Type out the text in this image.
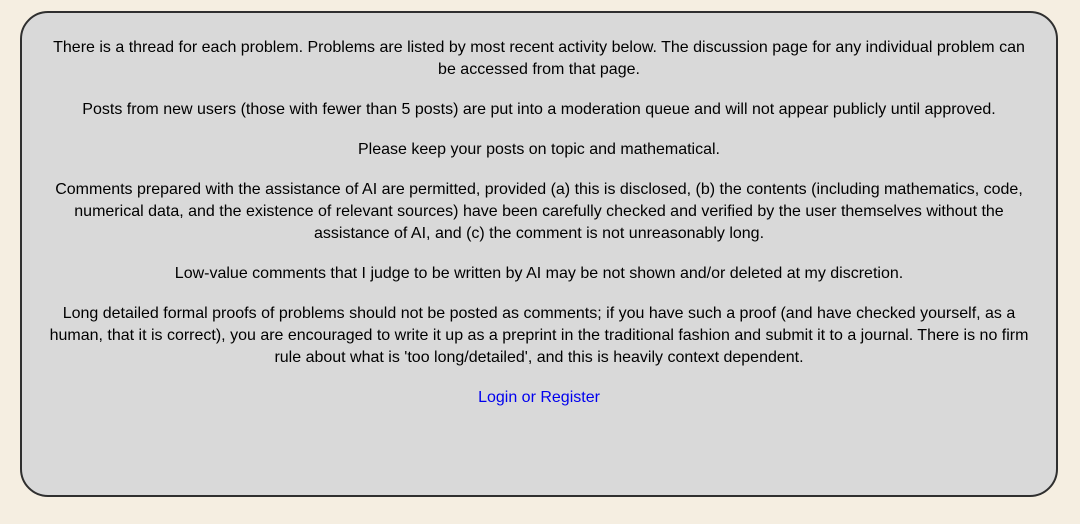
There is a thread for each problem. Problems are listed by most recent activity below. The discussion page for any individual problem can be accessed from that page.

Posts from new users (those with fewer than 5 posts) are put into a moderation queue and will not appear publicly until approved.

Please keep your posts on topic and mathematical.

Comments prepared with the assistance of AI are permitted, provided (a) this is disclosed, (b) the contents (including mathematics, code, numerical data, and the existence of relevant sources) have been carefully checked and verified by the user themselves without the assistance of AI, and (c) the comment is not unreasonably long.

Low-value comments that I judge to be written by AI may be not shown and/or deleted at my discretion.

Long detailed formal proofs of problems should not be posted as comments; if you have such a proof (and have checked yourself, as a human, that it is correct), you are encouraged to write it up as a preprint in the traditional fashion and submit it to a journal. There is no firm rule about what is 'too long/detailed', and this is heavily context dependent.

Login or Register
